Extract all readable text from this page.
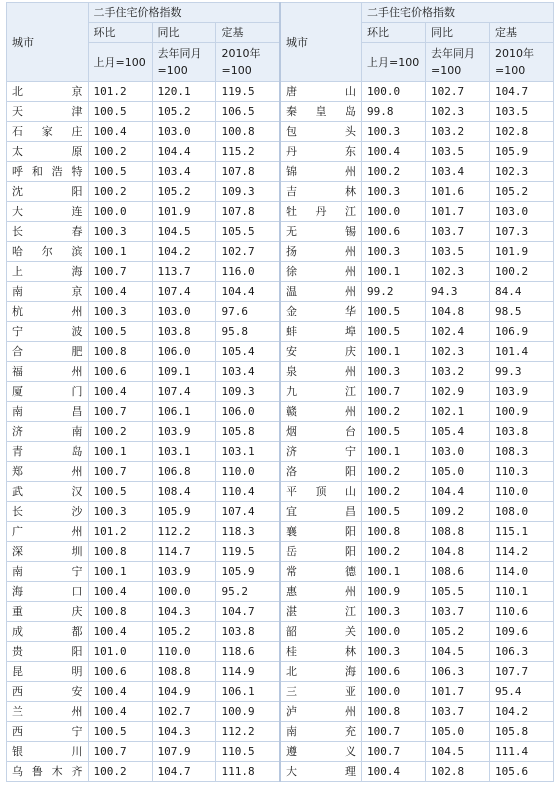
城市	二手住宅价格指数			城市	二手住宅价格指数		
	环比	同比	定基		环比	同比	定基
	上月=100	去年同月=100	2010年=100		上月=100	去年同月=100	2010年=100

北京	101.2	120.1	119.5	唐山	100.0	102.7	104.7
天津	100.5	105.2	106.5	秦皇岛	99.8	102.3	103.5
石家庄	100.4	103.0	100.8	包头	100.3	103.2	102.8
太原	100.2	104.4	115.2	丹东	100.4	103.5	105.9
呼和浩特	100.5	103.4	107.8	锦州	100.2	103.4	102.3
沈阳	100.2	105.2	109.3	吉林	100.3	101.6	105.2
大连	100.0	101.9	107.8	牡丹江	100.0	101.7	103.0
长春	100.3	104.5	105.5	无锡	100.6	103.7	107.3
哈尔滨	100.1	104.2	102.7	扬州	100.3	103.5	101.9
上海	100.7	113.7	116.0	徐州	100.1	102.3	100.2
南京	100.4	107.4	104.4	温州	99.2	94.3	84.4
杭州	100.3	103.0	97.6	金华	100.5	104.8	98.5
宁波	100.5	103.8	95.8	蚌埠	100.5	102.4	106.9
合肥	100.8	106.0	105.4	安庆	100.1	102.3	101.4
福州	100.6	109.1	103.4	泉州	100.3	103.2	99.3
厦门	100.4	107.4	109.3	九江	100.7	102.9	103.9
南昌	100.7	106.1	106.0	赣州	100.2	102.1	100.9
济南	100.2	103.9	105.8	烟台	100.5	105.4	103.8
青岛	100.1	103.1	103.1	济宁	100.1	103.0	108.3
郑州	100.7	106.8	110.0	洛阳	100.2	105.0	110.3
武汉	100.5	108.4	110.4	平顶山	100.2	104.4	110.0
长沙	100.3	105.9	107.4	宜昌	100.5	109.2	108.0
广州	101.2	112.2	118.3	襄阳	100.8	108.8	115.1
深圳	100.8	114.7	119.5	岳阳	100.2	104.8	114.2
南宁	100.1	103.9	105.9	常德	100.1	108.6	114.0
海口	100.4	100.0	95.2	惠州	100.9	105.5	110.1
重庆	100.8	104.3	104.7	湛江	100.3	103.7	110.6
成都	100.4	105.2	103.8	韶关	100.0	105.2	109.6
贵阳	101.0	110.0	118.6	桂林	100.3	104.5	106.3
昆明	100.6	108.8	114.9	北海	100.6	106.3	107.7
西安	100.4	104.9	106.1	三亚	100.0	101.7	95.4
兰州	100.4	102.7	100.9	泸州	100.8	103.7	104.2
西宁	100.5	104.3	112.2	南充	100.7	105.0	105.8
银川	100.7	107.9	110.5	遵义	100.7	104.5	111.4
乌鲁木齐	100.2	104.7	111.8	大理	100.4	102.8	105.6
